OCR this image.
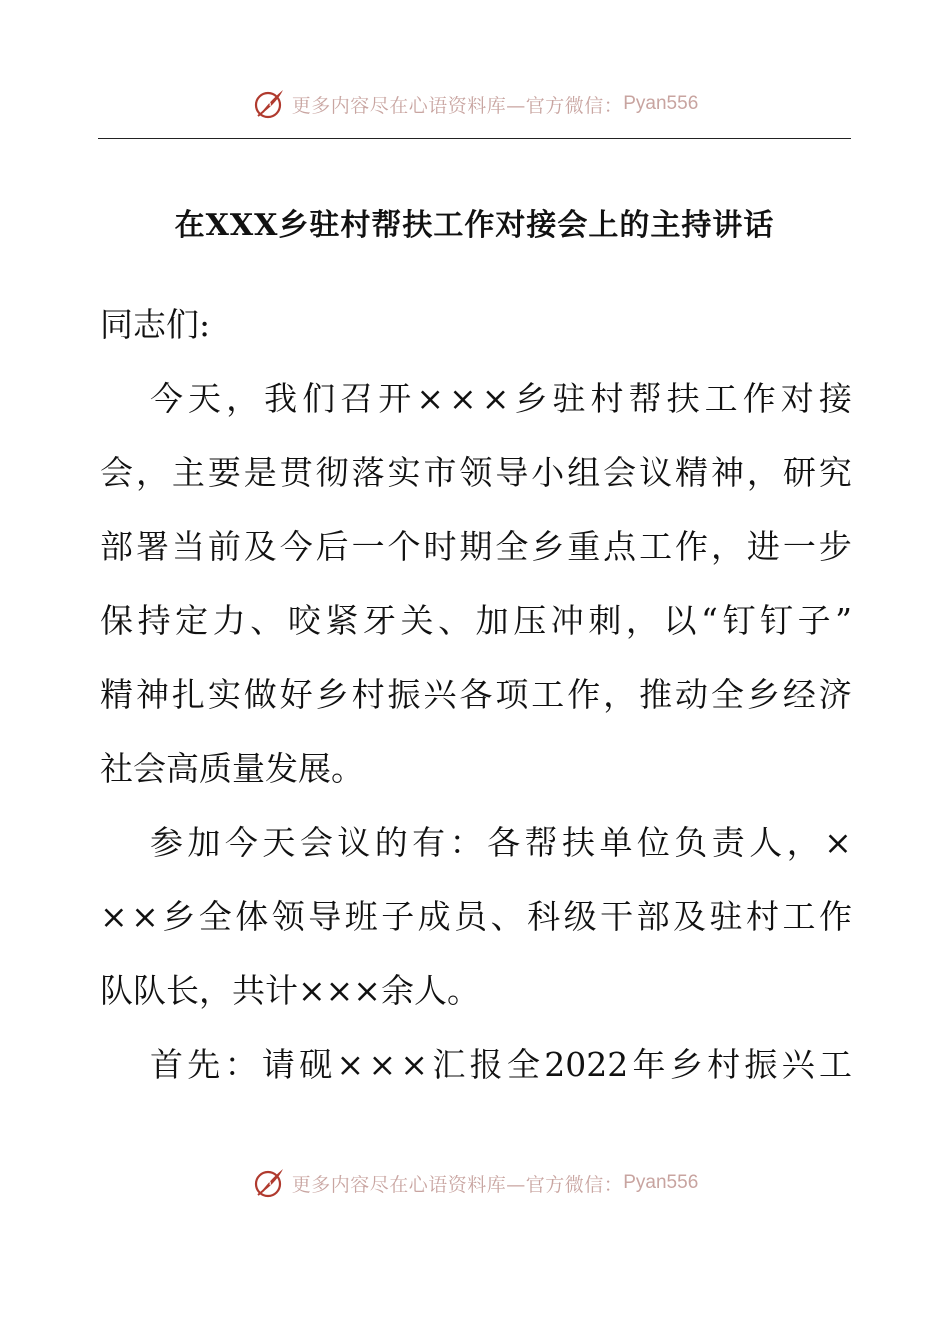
更多内容尽在心语资料库—官方微信： Pyan556
在XXX乡驻村帮扶工作对接会上的主持讲话
同志们:
今 天 ， 我 们 召 开 × × × 乡 驻 村 帮 扶 工 作 对 接
会 ， 主 要 是 贯 彻 落 实 市 领 导 小 组 会 议 精 神 ， 研 究
部 署 当 前 及 今 后 一 个 时 期 全 乡 重 点 工 作 ， 进 一 步
保 持 定 力 、 咬 紧 牙 关 、 加 压 冲 刺 ， 以 “ 钉 钉 子 ”
精 神 扎 实 做 好 乡 村 振 兴 各 项 工 作 ， 推 动 全 乡 经 济
社会高质量发展。
参 加 今 天 会 议 的 有 ： 各 帮 扶 单 位 负 责 人 ， ×
× × 乡 全 体 领 导 班 子 成 员 、 科 级 干 部 及 驻 村 工 作
队队长，共计×××余人。
首 先 ： 请 砚 × × × 汇 报 全 2022 年 乡 村 振 兴 工
更多内容尽在心语资料库—官方微信： Pyan556
